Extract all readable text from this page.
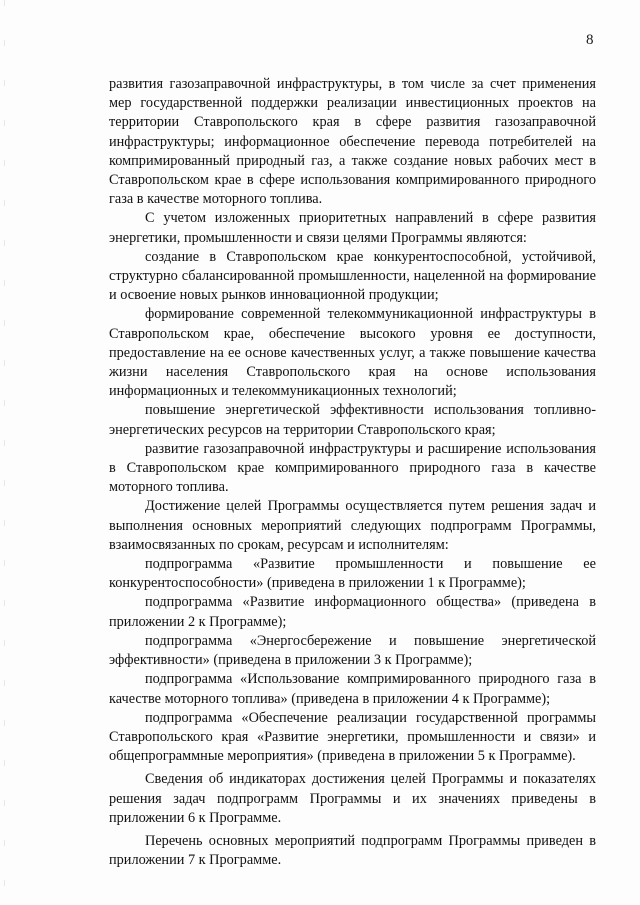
8

развития газозаправочной инфраструктуры, в том числе за счет применения мер государственной поддержки реализации инвестиционных проектов на территории Ставропольского края в сфере развития газозаправочной инфраструктуры; информационное обеспечение перевода потребителей на компримированный природный газ, а также создание новых рабочих мест в Ставропольском крае в сфере использования компримированного природного газа в качестве моторного топлива.

С учетом изложенных приоритетных направлений в сфере развития энергетики, промышленности и связи целями Программы являются:

создание в Ставропольском крае конкурентоспособной, устойчивой, структурно сбалансированной промышленности, нацеленной на формирование и освоение новых рынков инновационной продукции;

формирование современной телекоммуникационной инфраструктуры в Ставропольском крае, обеспечение высокого уровня ее доступности, предоставление на ее основе качественных услуг, а также повышение качества жизни населения Ставропольского края на основе использования информационных и телекоммуникационных технологий;

повышение энергетической эффективности использования топливно-энергетических ресурсов на территории Ставропольского края;

развитие газозаправочной инфраструктуры и расширение использования в Ставропольском крае компримированного природного газа в качестве моторного топлива.

Достижение целей Программы осуществляется путем решения задач и выполнения основных мероприятий следующих подпрограмм Программы, взаимосвязанных по срокам, ресурсам и исполнителям:

подпрограмма «Развитие промышленности и повышение ее конкурентоспособности» (приведена в приложении 1 к Программе);

подпрограмма «Развитие информационного общества» (приведена в приложении 2 к Программе);

подпрограмма «Энергосбережение и повышение энергетической эффективности» (приведена в приложении 3 к Программе);

подпрограмма «Использование компримированного природного газа в качестве моторного топлива» (приведена в приложении 4 к Программе);

подпрограмма «Обеспечение реализации государственной программы Ставропольского края «Развитие энергетики, промышленности и связи» и общепрограммные мероприятия» (приведена в приложении 5 к Программе).

Сведения об индикаторах достижения целей Программы и показателях решения задач подпрограмм Программы и их значениях приведены в приложении 6 к Программе.

Перечень основных мероприятий подпрограмм Программы приведен в приложении 7 к Программе.
